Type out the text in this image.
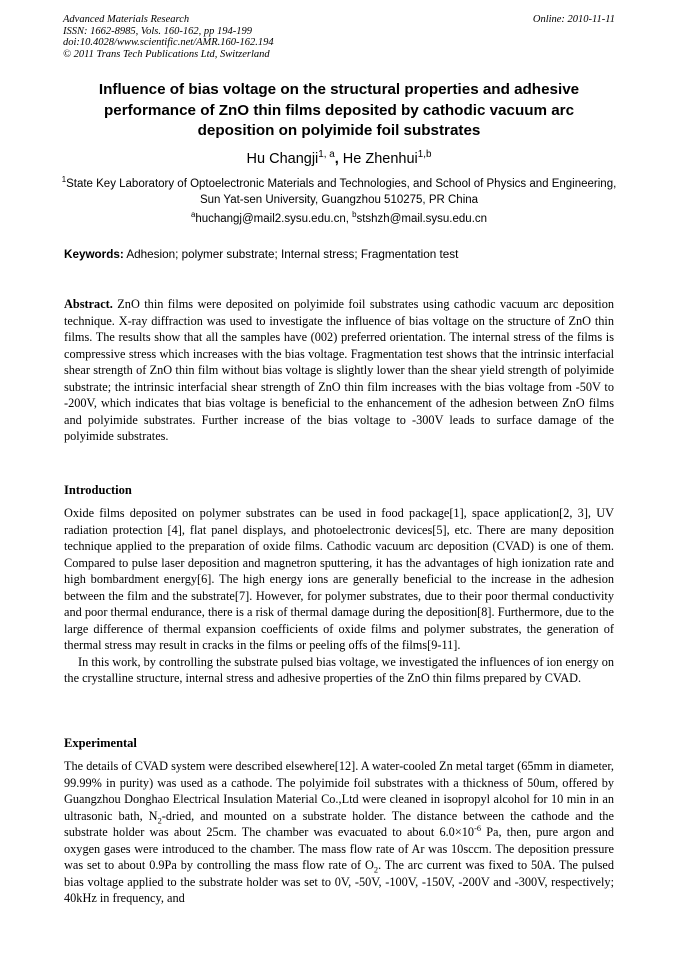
Advanced Materials Research
ISSN: 1662-8985, Vols. 160-162, pp 194-199
doi:10.4028/www.scientific.net/AMR.160-162.194
© 2011 Trans Tech Publications Ltd, Switzerland
Online: 2010-11-11
Influence of bias voltage on the structural properties and adhesive performance of ZnO thin films deposited by cathodic vacuum arc deposition on polyimide foil substrates
Hu Changji$^{1, a}$, He Zhenhui$^{1,b}$
$^1$State Key Laboratory of Optoelectronic Materials and Technologies, and School of Physics and Engineering, Sun Yat-sen University, Guangzhou 510275, PR China
$^a$huchangj@mail2.sysu.edu.cn, $^b$stshzh@mail.sysu.edu.cn
Keywords: Adhesion; polymer substrate; Internal stress; Fragmentation test
Abstract. ZnO thin films were deposited on polyimide foil substrates using cathodic vacuum arc deposition technique. X-ray diffraction was used to investigate the influence of bias voltage on the structure of ZnO thin films. The results show that all the samples have (002) preferred orientation. The internal stress of the films is compressive stress which increases with the bias voltage. Fragmentation test shows that the intrinsic interfacial shear strength of ZnO thin film without bias voltage is slightly lower than the shear yield strength of polyimide substrate; the intrinsic interfacial shear strength of ZnO thin film increases with the bias voltage from -50V to -200V, which indicates that bias voltage is beneficial to the enhancement of the adhesion between ZnO films and polyimide substrates. Further increase of the bias voltage to -300V leads to surface damage of the polyimide substrates.
Introduction

Oxide films deposited on polymer substrates can be used in food package[1], space application[2, 3], UV radiation protection [4], flat panel displays, and photoelectronic devices[5], etc. There are many deposition technique applied to the preparation of oxide films. Cathodic vacuum arc deposition (CVAD) is one of them. Compared to pulse laser deposition and magnetron sputtering, it has the advantages of high ionization rate and high bombardment energy[6]. The high energy ions are generally beneficial to the increase in the adhesion between the film and the substrate[7]. However, for polymer substrates, due to their poor thermal conductivity and poor thermal endurance, there is a risk of thermal damage during the deposition[8]. Furthermore, due to the large difference of thermal expansion coefficients of oxide films and polymer substrates, the generation of thermal stress may result in cracks in the films or peeling offs of the films[9-11].

In this work, by controlling the substrate pulsed bias voltage, we investigated the influences of ion energy on the crystalline structure, internal stress and adhesive properties of the ZnO thin films prepared by CVAD.

Experimental

The details of CVAD system were described elsewhere[12]. A water-cooled Zn metal target (65mm in diameter, 99.99% in purity) was used as a cathode. The polyimide foil substrates with a thickness of 50um, offered by Guangzhou Donghao Electrical Insulation Material Co.,Ltd were cleaned in isopropyl alcohol for 10 min in an ultrasonic bath, $N_2$-dried, and mounted on a substrate holder. The distance between the cathode and the substrate holder was about 25cm. The chamber was evacuated to about $6.0\times 10^{-6}$ Pa, then, pure argon and oxygen gases were introduced to the chamber. The mass flow rate of Ar was 10sccm. The deposition pressure was set to about 0.9Pa by controlling the mass flow rate of $O_2$. The arc current was fixed to 50A. The pulsed bias voltage applied to the substrate holder was set to 0V, -50V, -100V, -150V, -200V and -300V, respectively; 40kHz in frequency, and
